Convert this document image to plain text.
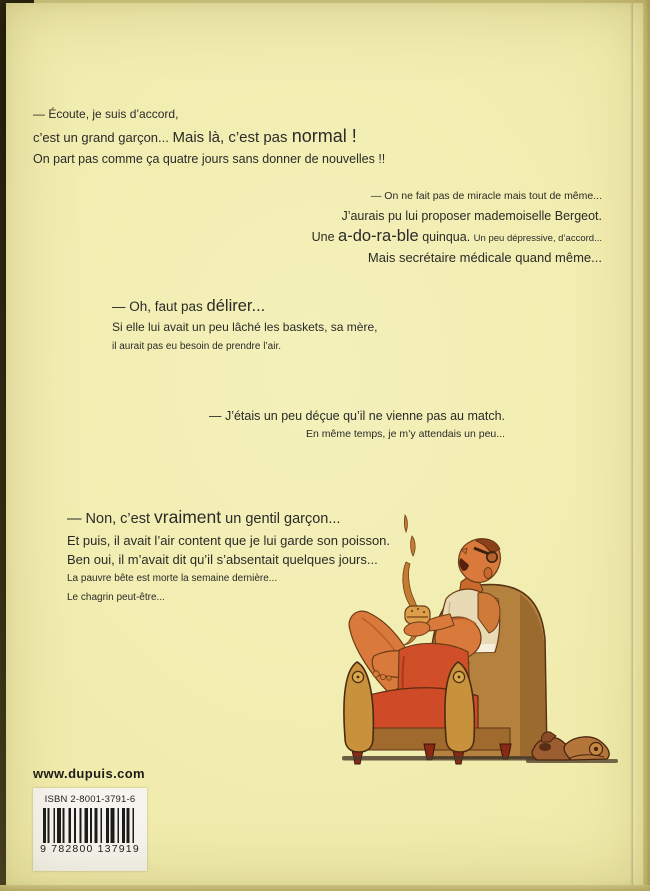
— Écoute, je suis d’accord,
c’est un grand garçon... Mais là, c’est pas normal !
On part pas comme ça quatre jours sans donner de nouvelles !!
— On ne fait pas de miracle mais tout de même...
J’aurais pu lui proposer mademoiselle Bergeot.
Une a-do-ra-ble quinqua. Un peu dépressive, d’accord...
Mais secrétaire médicale quand même...
— Oh, faut pas délirer...
Si elle lui avait un peu lâché les baskets, sa mère,
il aurait pas eu besoin de prendre l’air.
— J’étais un peu déçue qu’il ne vienne pas au match.
En même temps, je m’y attendais un peu...
— Non, c’est vraiment un gentil garçon...
Et puis, il avait l’air content que je lui garde son poisson.
Ben oui, il m’avait dit qu’il s’absentait quelques jours...
La pauvre bête est morte la semaine dernière...
Le chagrin peut-être...
www.dupuis.com
ISBN 2-8001-3791-6
9 782800 137919
